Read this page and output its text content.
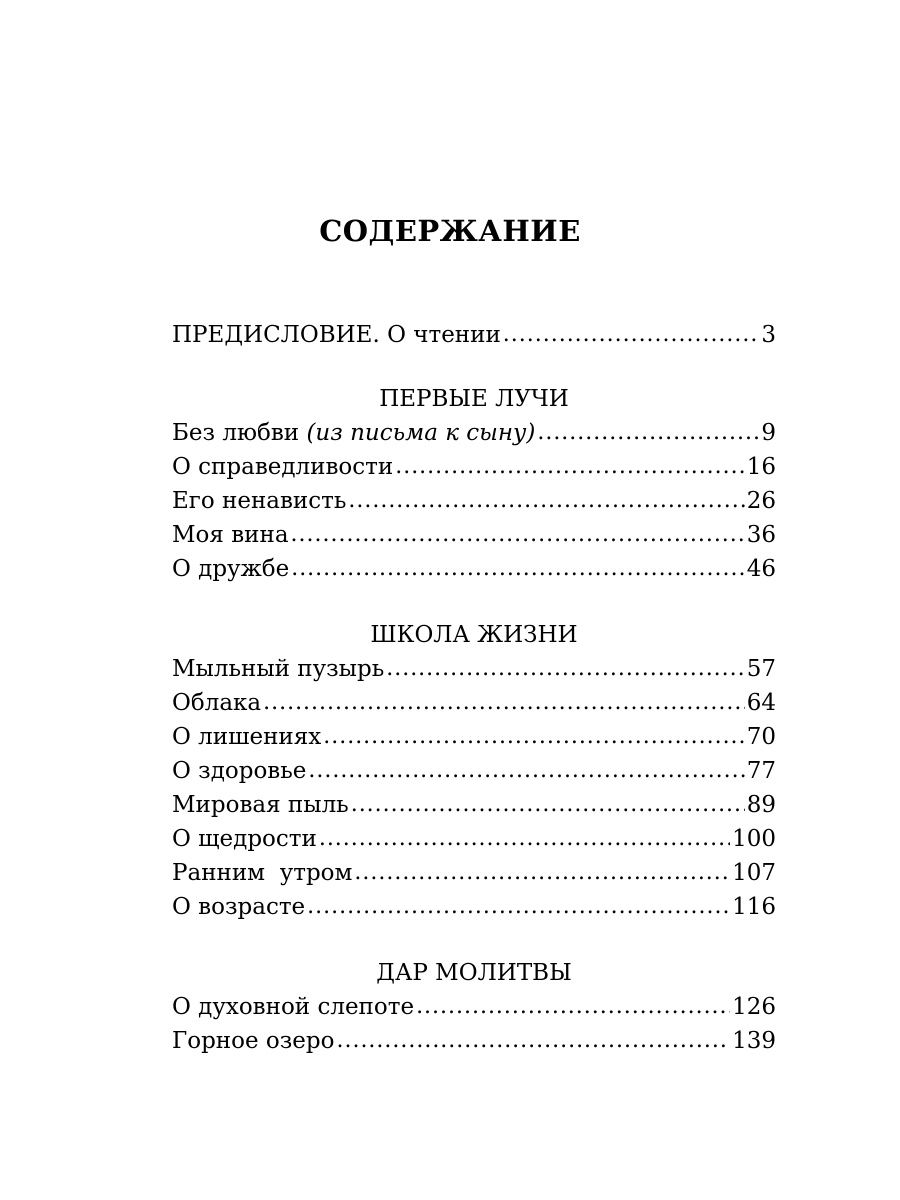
СОДЕРЖАНИЕ
ПРЕДИСЛОВИЕ. О чтении . . .	3
ПЕРВЫЕ ЛУЧИ
Без любви (из письма к сыну) . . .	9
О справедливости . . .	16
Его ненависть . . .	26
Моя вина . . .	36
О дружбе . . .	46
ШКОЛА ЖИЗНИ
Мыльный пузырь . . .	57
Облака . . .	64
О лишениях . . .	70
О здоровье . . .	77
Мировая пыль . . .	89
О щедрости . . .	100
Ранним  утром . . .	107
О возрасте . . .	116
ДАР МОЛИТВЫ
О духовной слепоте . . .	126
Горное озеро . . .	139
